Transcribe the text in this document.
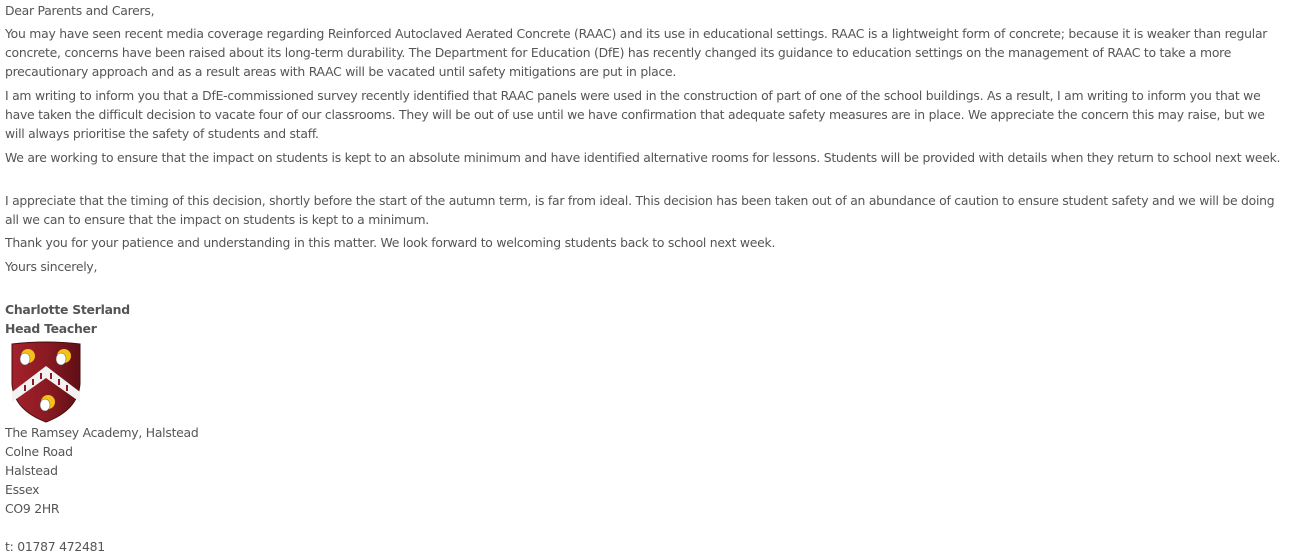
Dear Parents and Carers,

You may have seen recent media coverage regarding Reinforced Autoclaved Aerated Concrete (RAAC) and its use in educational settings. RAAC is a lightweight form of concrete; because it is weaker than regular concrete, concerns have been raised about its long-term durability. The Department for Education (DfE) has recently changed its guidance to education settings on the management of RAAC to take a more precautionary approach and as a result areas with RAAC will be vacated until safety mitigations are put in place.

I am writing to inform you that a DfE-commissioned survey recently identified that RAAC panels were used in the construction of part of one of the school buildings. As a result, I am writing to inform you that we have taken the difficult decision to vacate four of our classrooms. They will be out of use until we have confirmation that adequate safety measures are in place. We appreciate the concern this may raise, but we will always prioritise the safety of students and staff.

We are working to ensure that the impact on students is kept to an absolute minimum and have identified alternative rooms for lessons. Students will be provided with details when they return to school next week.

I appreciate that the timing of this decision, shortly before the start of the autumn term, is far from ideal. This decision has been taken out of an abundance of caution to ensure student safety and we will be doing all we can to ensure that the impact on students is kept to a minimum.

Thank you for your patience and understanding in this matter. We look forward to welcoming students back to school next week.

Yours sincerely,

Charlotte Sterland
Head Teacher
The Ramsey Academy, Halstead
Colne Road
Halstead
Essex
CO9 2HR
t: 01787 472481
